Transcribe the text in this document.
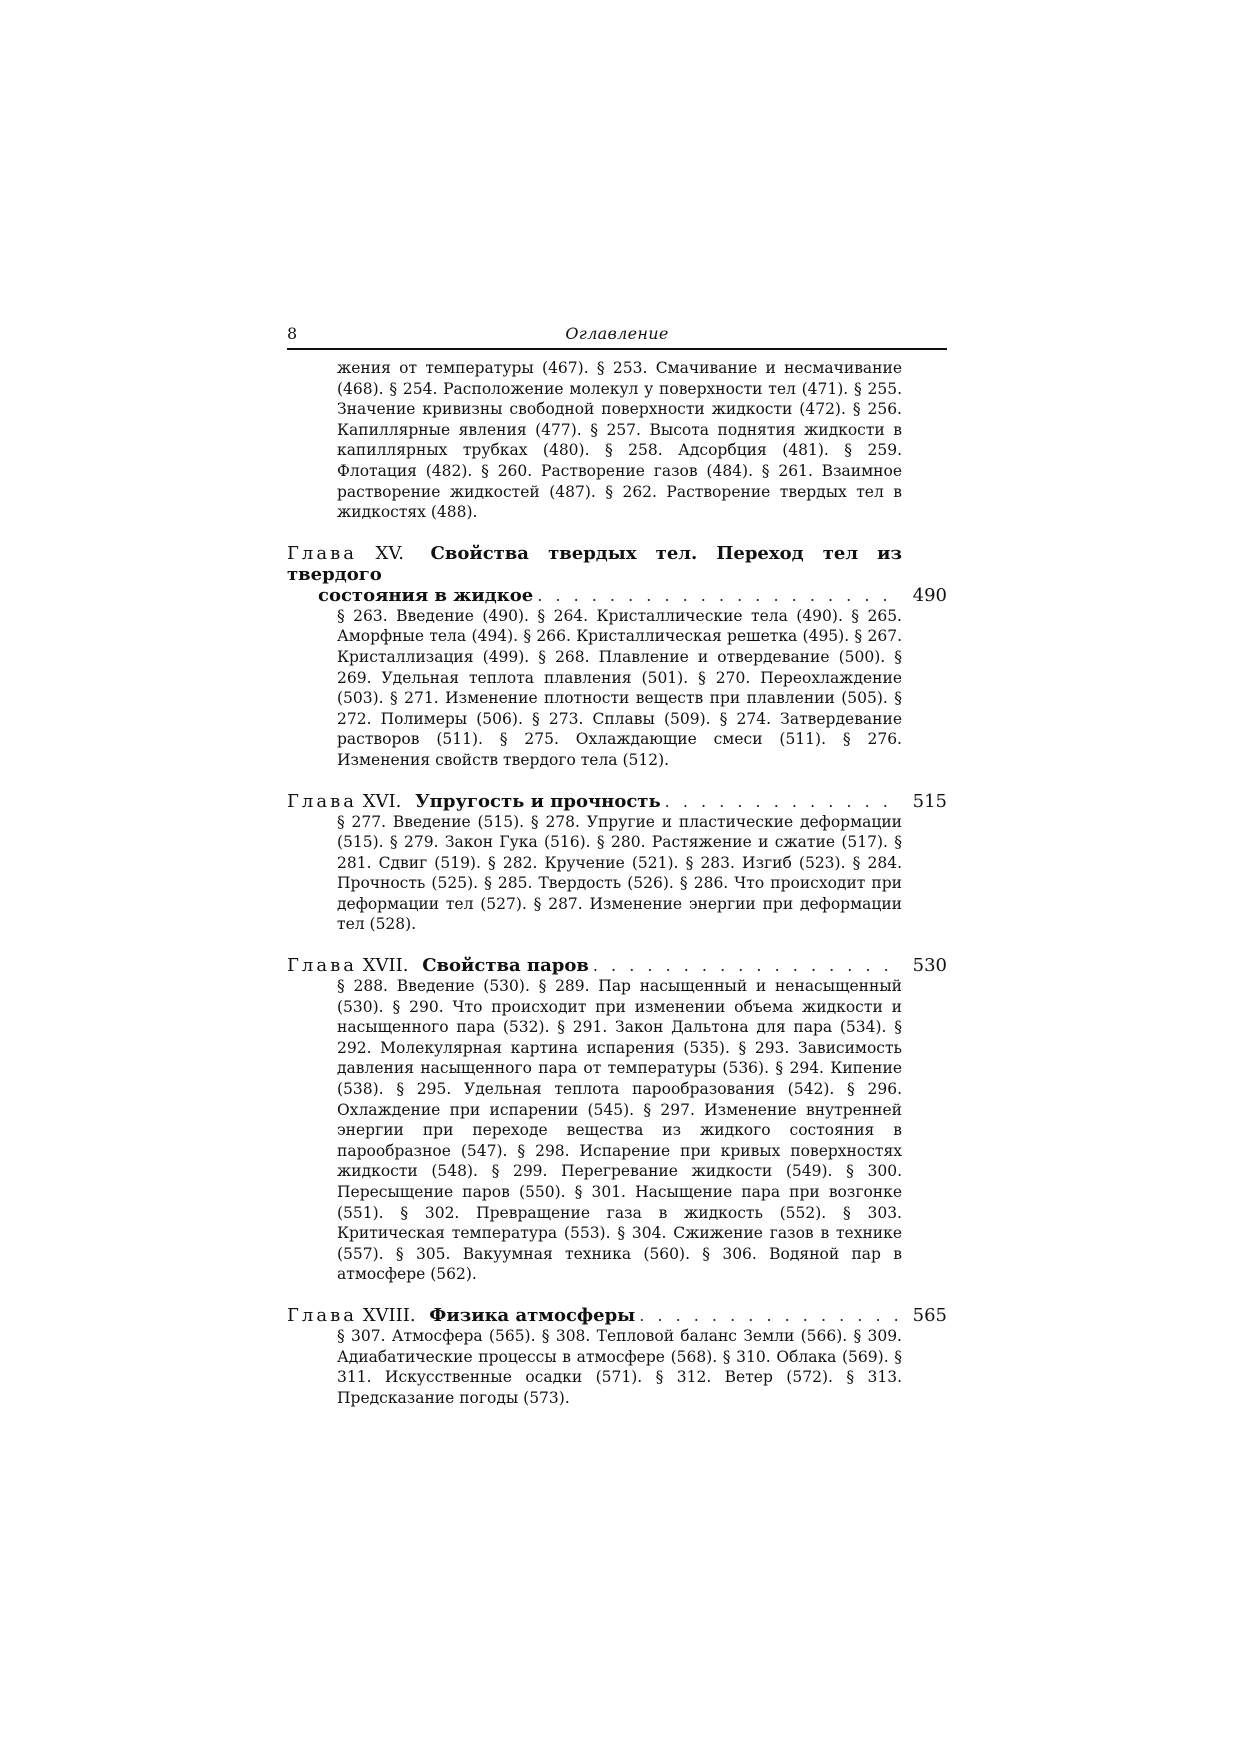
8	Оглавление
жения от температуры (467). § 253. Смачивание и несмачивание (468). § 254. Расположение молекул у поверхности тел (471). § 255. Значение кривизны свободной поверхности жидкости (472). § 256. Капиллярные явления (477). § 257. Высота поднятия жидкости в капиллярных трубках (480). § 258. Адсорбция (481). § 259. Флотация (482). § 260. Растворение газов (484). § 261. Взаимное растворение жидкостей (487). § 262. Растворение твердых тел в жидкостях (488).
Глава XV. Свойства твердых тел. Переход тел из твердого
состояния в жидкое . . .	490
§ 263. Введение (490). § 264. Кристаллические тела (490). § 265. Аморфные тела (494). § 266. Кристаллическая решетка (495). § 267. Кристаллизация (499). § 268. Плавление и отвердевание (500). § 269. Удельная теплота плавления (501). § 270. Переохлаждение (503). § 271. Изменение плотности веществ при плавлении (505). § 272. Полимеры (506). § 273. Сплавы (509). § 274. Затвердевание растворов (511). § 275. Охлаждающие смеси (511). § 276. Изменения свойств твердого тела (512).
Глава XVI. Упругость и прочность . . .	515
§ 277. Введение (515). § 278. Упругие и пластические деформации (515). § 279. Закон Гука (516). § 280. Растяжение и сжатие (517). § 281. Сдвиг (519). § 282. Кручение (521). § 283. Изгиб (523). § 284. Прочность (525). § 285. Твердость (526). § 286. Что происходит при деформации тел (527). § 287. Изменение энергии при деформации тел (528).
Глава XVII. Свойства паров . . .	530
§ 288. Введение (530). § 289. Пар насыщенный и ненасыщенный (530). § 290. Что происходит при изменении объема жидкости и насыщенного пара (532). § 291. Закон Дальтона для пара (534). § 292. Молекулярная картина испарения (535). § 293. Зависимость давления насыщенного пара от температуры (536). § 294. Кипение (538). § 295. Удельная теплота парообразования (542). § 296. Охлаждение при испарении (545). § 297. Изменение внутренней энергии при переходе вещества из жидкого состояния в парообразное (547). § 298. Испарение при кривых поверхностях жидкости (548). § 299. Перегревание жидкости (549). § 300. Пересыщение паров (550). § 301. Насыщение пара при возгонке (551). § 302. Превращение газа в жидкость (552). § 303. Критическая температура (553). § 304. Сжижение газов в технике (557). § 305. Вакуумная техника (560). § 306. Водяной пар в атмосфере (562).
Глава XVIII. Физика атмосферы . . .	565
§ 307. Атмосфера (565). § 308. Тепловой баланс Земли (566). § 309. Адиабатические процессы в атмосфере (568). § 310. Облака (569). § 311. Искусственные осадки (571). § 312. Ветер (572). § 313. Предсказание погоды (573).
